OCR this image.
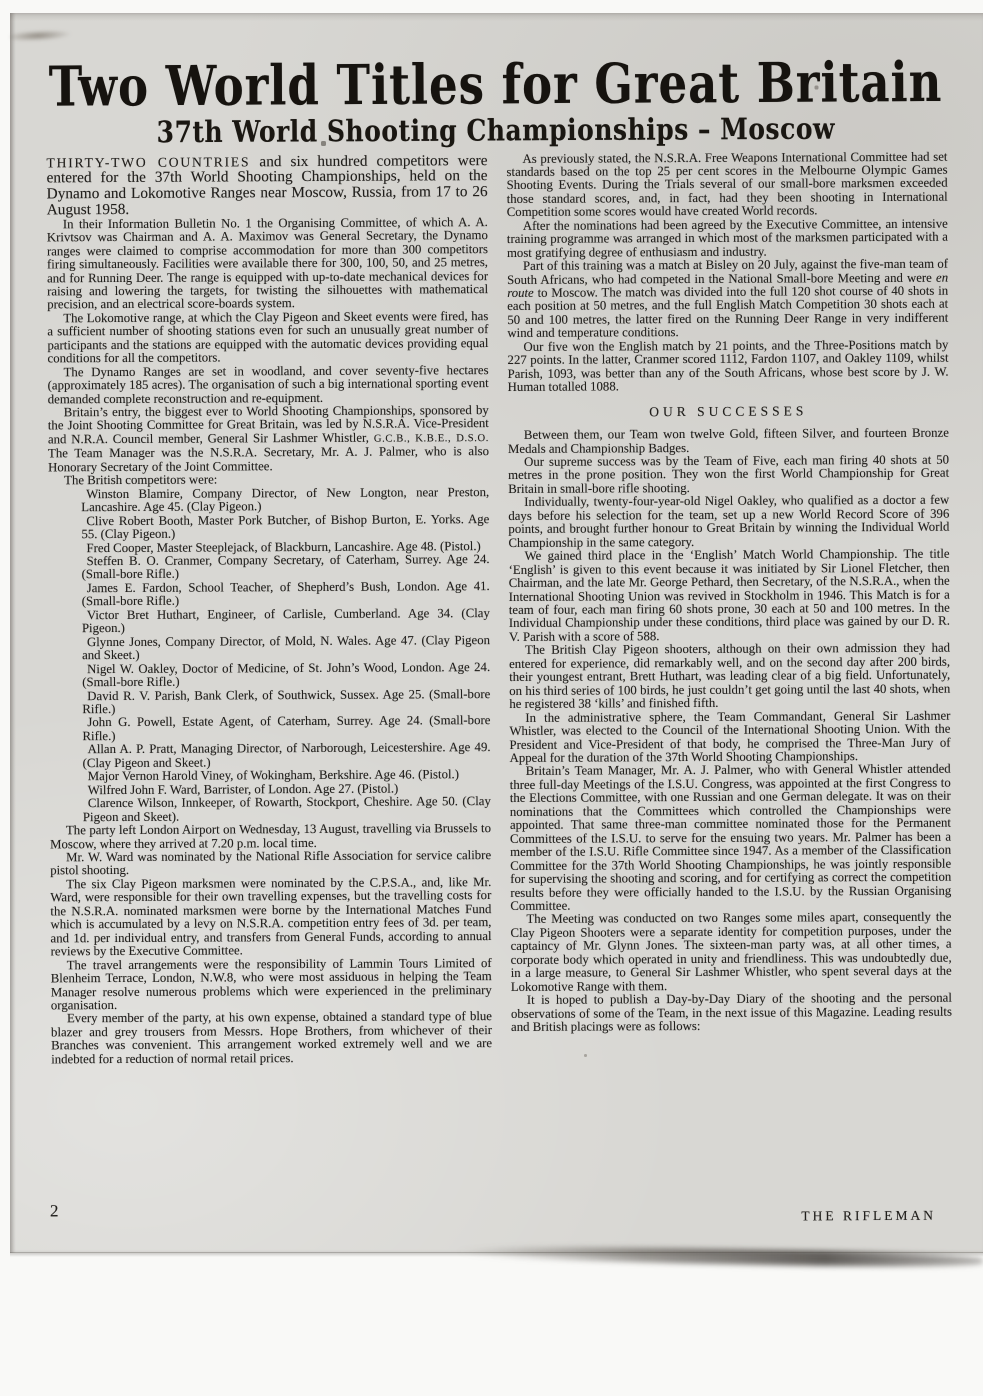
Two World Titles for Great Britain
37th World Shooting Championships – Moscow

THIRTY-TWO COUNTRIES and six hundred competitors were entered for the 37th World Shooting Championships, held on the Dynamo and Lokomotive Ranges near Moscow, Russia, from 17 to 26 August 1958.

In their Information Bulletin No. 1 the Organising Committee, of which A. A. Krivtsov was Chairman and A. A. Maximov was General Secretary, the Dynamo ranges were claimed to comprise accommodation for more than 300 competitors firing simultaneously. Facilities were available there for 300, 100, 50, and 25 metres, and for Running Deer. The range is equipped with up-to-date mechanical devices for raising and lowering the targets, for twisting the silhouettes with mathematical precision, and an electrical score-boards system.

The Lokomotive range, at which the Clay Pigeon and Skeet events were fired, has a sufficient number of shooting stations even for such an unusually great number of participants and the stations are equipped with the automatic devices providing equal conditions for all the competitors.

The Dynamo Ranges are set in woodland, and cover seventy-five hectares (approximately 185 acres). The organisation of such a big international sporting event demanded complete reconstruction and re-equipment.

Britain’s entry, the biggest ever to World Shooting Championships, sponsored by the Joint Shooting Committee for Great Britain, was led by N.S.R.A. Vice-President and N.R.A. Council member, General Sir Lashmer Whistler, G.C.B., K.B.E., D.S.O. The Team Manager was the N.S.R.A. Secretary, Mr. A. J. Palmer, who is also Honorary Secretary of the Joint Committee.

The British competitors were:

Winston Blamire, Company Director, of New Longton, near Preston, Lancashire. Age 45. (Clay Pigeon.)

Clive Robert Booth, Master Pork Butcher, of Bishop Burton, E. Yorks. Age 55. (Clay Pigeon.)

Fred Cooper, Master Steeplejack, of Blackburn, Lancashire. Age 48. (Pistol.)

Steffen B. O. Cranmer, Company Secretary, of Caterham, Surrey. Age 24. (Small-bore Rifle.)

James E. Fardon, School Teacher, of Shepherd’s Bush, London. Age 41. (Small-bore Rifle.)

Victor Bret Huthart, Engineer, of Carlisle, Cumberland. Age 34. (Clay Pigeon.)

Glynne Jones, Company Director, of Mold, N. Wales. Age 47. (Clay Pigeon and Skeet.)

Nigel W. Oakley, Doctor of Medicine, of St. John’s Wood, London. Age 24. (Small-bore Rifle.)

David R. V. Parish, Bank Clerk, of Southwick, Sussex. Age 25. (Small-bore Rifle.)

John G. Powell, Estate Agent, of Caterham, Surrey. Age 24. (Small-bore Rifle.)

Allan A. P. Pratt, Managing Director, of Narborough, Leicestershire. Age 49. (Clay Pigeon and Skeet.)

Major Vernon Harold Viney, of Wokingham, Berkshire. Age 46. (Pistol.)

Wilfred John F. Ward, Barrister, of London. Age 27. (Pistol.)

Clarence Wilson, Innkeeper, of Rowarth, Stockport, Cheshire. Age 50. (Clay Pigeon and Skeet).

The party left London Airport on Wednesday, 13 August, travelling via Brussels to Moscow, where they arrived at 7.20 p.m. local time.

Mr. W. Ward was nominated by the National Rifle Association for service calibre pistol shooting.

The six Clay Pigeon marksmen were nominated by the C.P.S.A., and, like Mr. Ward, were responsible for their own travelling expenses, but the travelling costs for the N.S.R.A. nominated marksmen were borne by the International Matches Fund which is accumulated by a levy on N.S.R.A. competition entry fees of 3d. per team, and 1d. per individual entry, and transfers from General Funds, according to annual reviews by the Executive Committee.

The travel arrangements were the responsibility of Lammin Tours Limited of Blenheim Terrace, London, N.W.8, who were most assiduous in helping the Team Manager resolve numerous problems which were experienced in the preliminary organisation.

Every member of the party, at his own expense, obtained a standard type of blue blazer and grey trousers from Messrs. Hope Brothers, from whichever of their Branches was convenient. This arrangement worked extremely well and we are indebted for a reduction of normal retail prices.

As previously stated, the N.S.R.A. Free Weapons International Committee had set standards based on the top 25 per cent scores in the Melbourne Olympic Games Shooting Events. During the Trials several of our small-bore marksmen exceeded those standard scores, and, in fact, had they been shooting in International Competition some scores would have created World records.

After the nominations had been agreed by the Executive Committee, an intensive training programme was arranged in which most of the marksmen participated with a most gratifying degree of enthusiasm and industry.

Part of this training was a match at Bisley on 20 July, against the five-man team of South Africans, who had competed in the National Small-bore Meeting and were en route to Moscow. The match was divided into the full 120 shot course of 40 shots in each position at 50 metres, and the full English Match Competition 30 shots each at 50 and 100 metres, the latter fired on the Running Deer Range in very indifferent wind and temperature conditions.

Our five won the English match by 21 points, and the Three-Positions match by 227 points. In the latter, Cranmer scored 1112, Fardon 1107, and Oakley 1109, whilst Parish, 1093, was better than any of the South Africans, whose best score by J. W. Human totalled 1088.

OUR SUCCESSES

Between them, our Team won twelve Gold, fifteen Silver, and fourteen Bronze Medals and Championship Badges.

Our supreme success was by the Team of Five, each man firing 40 shots at 50 metres in the prone position. They won the first World Championship for Great Britain in small-bore rifle shooting.

Individually, twenty-four-year-old Nigel Oakley, who qualified as a doctor a few days before his selection for the team, set up a new World Record Score of 396 points, and brought further honour to Great Britain by winning the Individual World Championship in the same category.

We gained third place in the ‘English’ Match World Championship. The title ‘English’ is given to this event because it was initiated by Sir Lionel Fletcher, then Chairman, and the late Mr. George Pethard, then Secretary, of the N.S.R.A., when the International Shooting Union was revived in Stockholm in 1946. This Match is for a team of four, each man firing 60 shots prone, 30 each at 50 and 100 metres. In the Individual Championship under these conditions, third place was gained by our D. R. V. Parish with a score of 588.

The British Clay Pigeon shooters, although on their own admission they had entered for experience, did remarkably well, and on the second day after 200 birds, their youngest entrant, Brett Huthart, was leading clear of a big field. Unfortunately, on his third series of 100 birds, he just couldn’t get going until the last 40 shots, when he registered 38 ‘kills’ and finished fifth.

In the administrative sphere, the Team Commandant, General Sir Lashmer Whistler, was elected to the Council of the International Shooting Union. With the President and Vice-President of that body, he comprised the Three-Man Jury of Appeal for the duration of the 37th World Shooting Championships.

Britain’s Team Manager, Mr. A. J. Palmer, who with General Whistler attended three full-day Meetings of the I.S.U. Congress, was appointed at the first Congress to the Elections Committee, with one Russian and one German delegate. It was on their nominations that the Committees which controlled the Championships were appointed. That same three-man committee nominated those for the Permanent Committees of the I.S.U. to serve for the ensuing two years. Mr. Palmer has been a member of the I.S.U. Rifle Committee since 1947. As a member of the Classification Committee for the 37th World Shooting Championships, he was jointly responsible for supervising the shooting and scoring, and for certifying as correct the competition results before they were officially handed to the I.S.U. by the Russian Organising Committee.

The Meeting was conducted on two Ranges some miles apart, consequently the Clay Pigeon Shooters were a separate identity for competition purposes, under the captaincy of Mr. Glynn Jones. The sixteen-man party was, at all other times, a corporate body which operated in unity and friendliness. This was undoubtedly due, in a large measure, to General Sir Lashmer Whistler, who spent several days at the Lokomotive Range with them.

It is hoped to publish a Day-by-Day Diary of the shooting and the personal observations of some of the Team, in the next issue of this Magazine. Leading results and British placings were as follows:

2	THE RIFLEMAN
